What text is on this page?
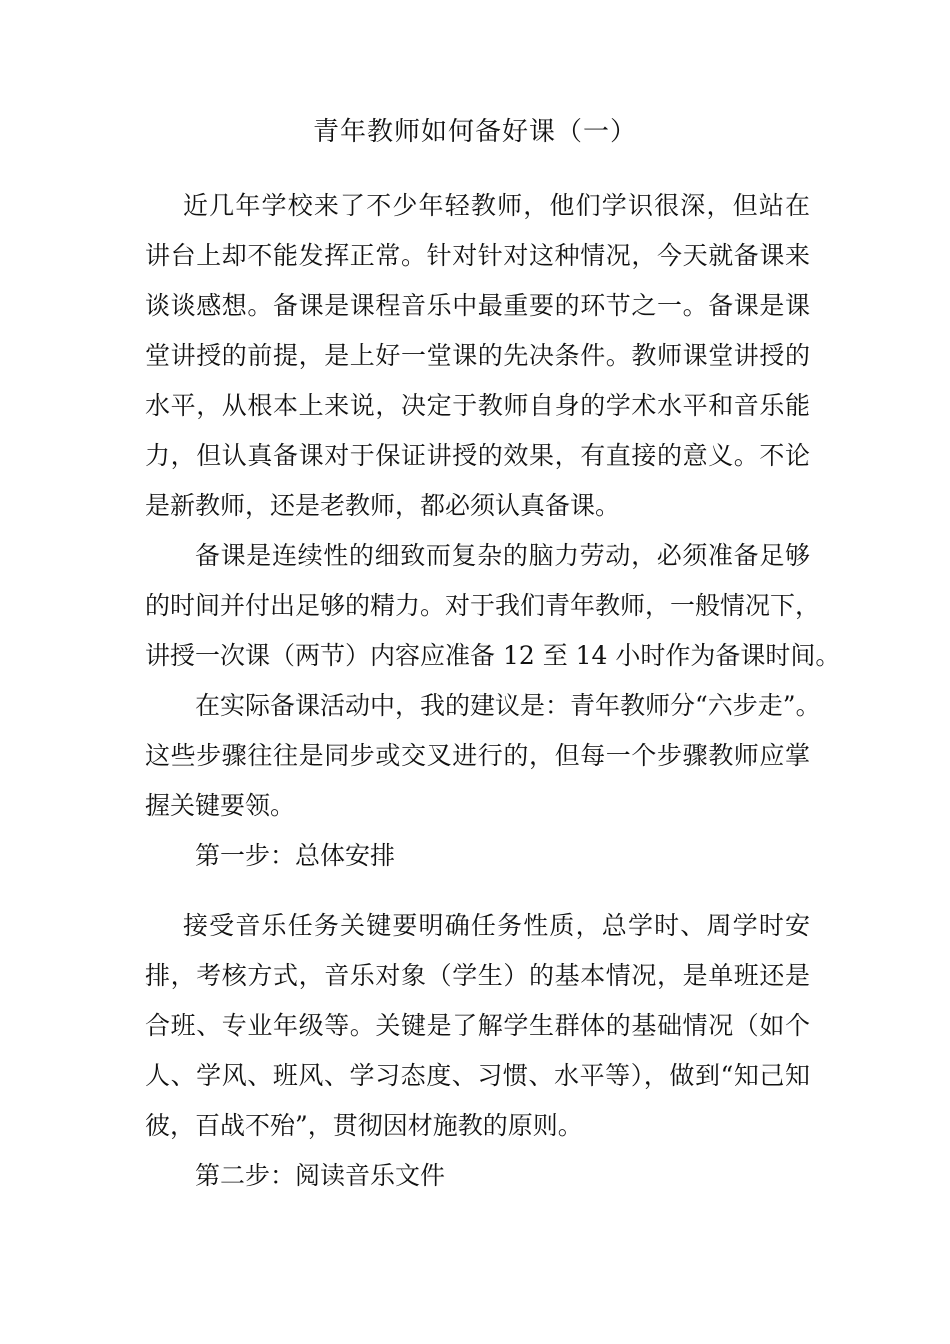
青年教师如何备好课（一）
近几年学校来了不少年轻教师，他们学识很深，但站在
讲台上却不能发挥正常。针对针对这种情况，今天就备课来
谈谈感想。备课是课程音乐中最重要的环节之一。备课是课
堂讲授的前提，是上好一堂课的先决条件。教师课堂讲授的
水平，从根本上来说，决定于教师自身的学术水平和音乐能
力，但认真备课对于保证讲授的效果，有直接的意义。不论
是新教师，还是老教师，都必须认真备课。
备课是连续性的细致而复杂的脑力劳动，必须准备足够
的时间并付出足够的精力。对于我们青年教师，一般情况下，
讲授一次课（两节）内容应准备 12 至 14 小时作为备课时间。
在实际备课活动中，我的建议是：青年教师分“六步走”。
这些步骤往往是同步或交叉进行的，但每一个步骤教师应掌
握关键要领。
第一步：总体安排
接受音乐任务关键要明确任务性质，总学时、周学时安
排，考核方式，音乐对象（学生）的基本情况，是单班还是
合班、专业年级等。关键是了解学生群体的基础情况（如个
人、学风、班风、学习态度、习惯、水平等），做到“知己知
彼，百战不殆”，贯彻因材施教的原则。
第二步：阅读音乐文件
